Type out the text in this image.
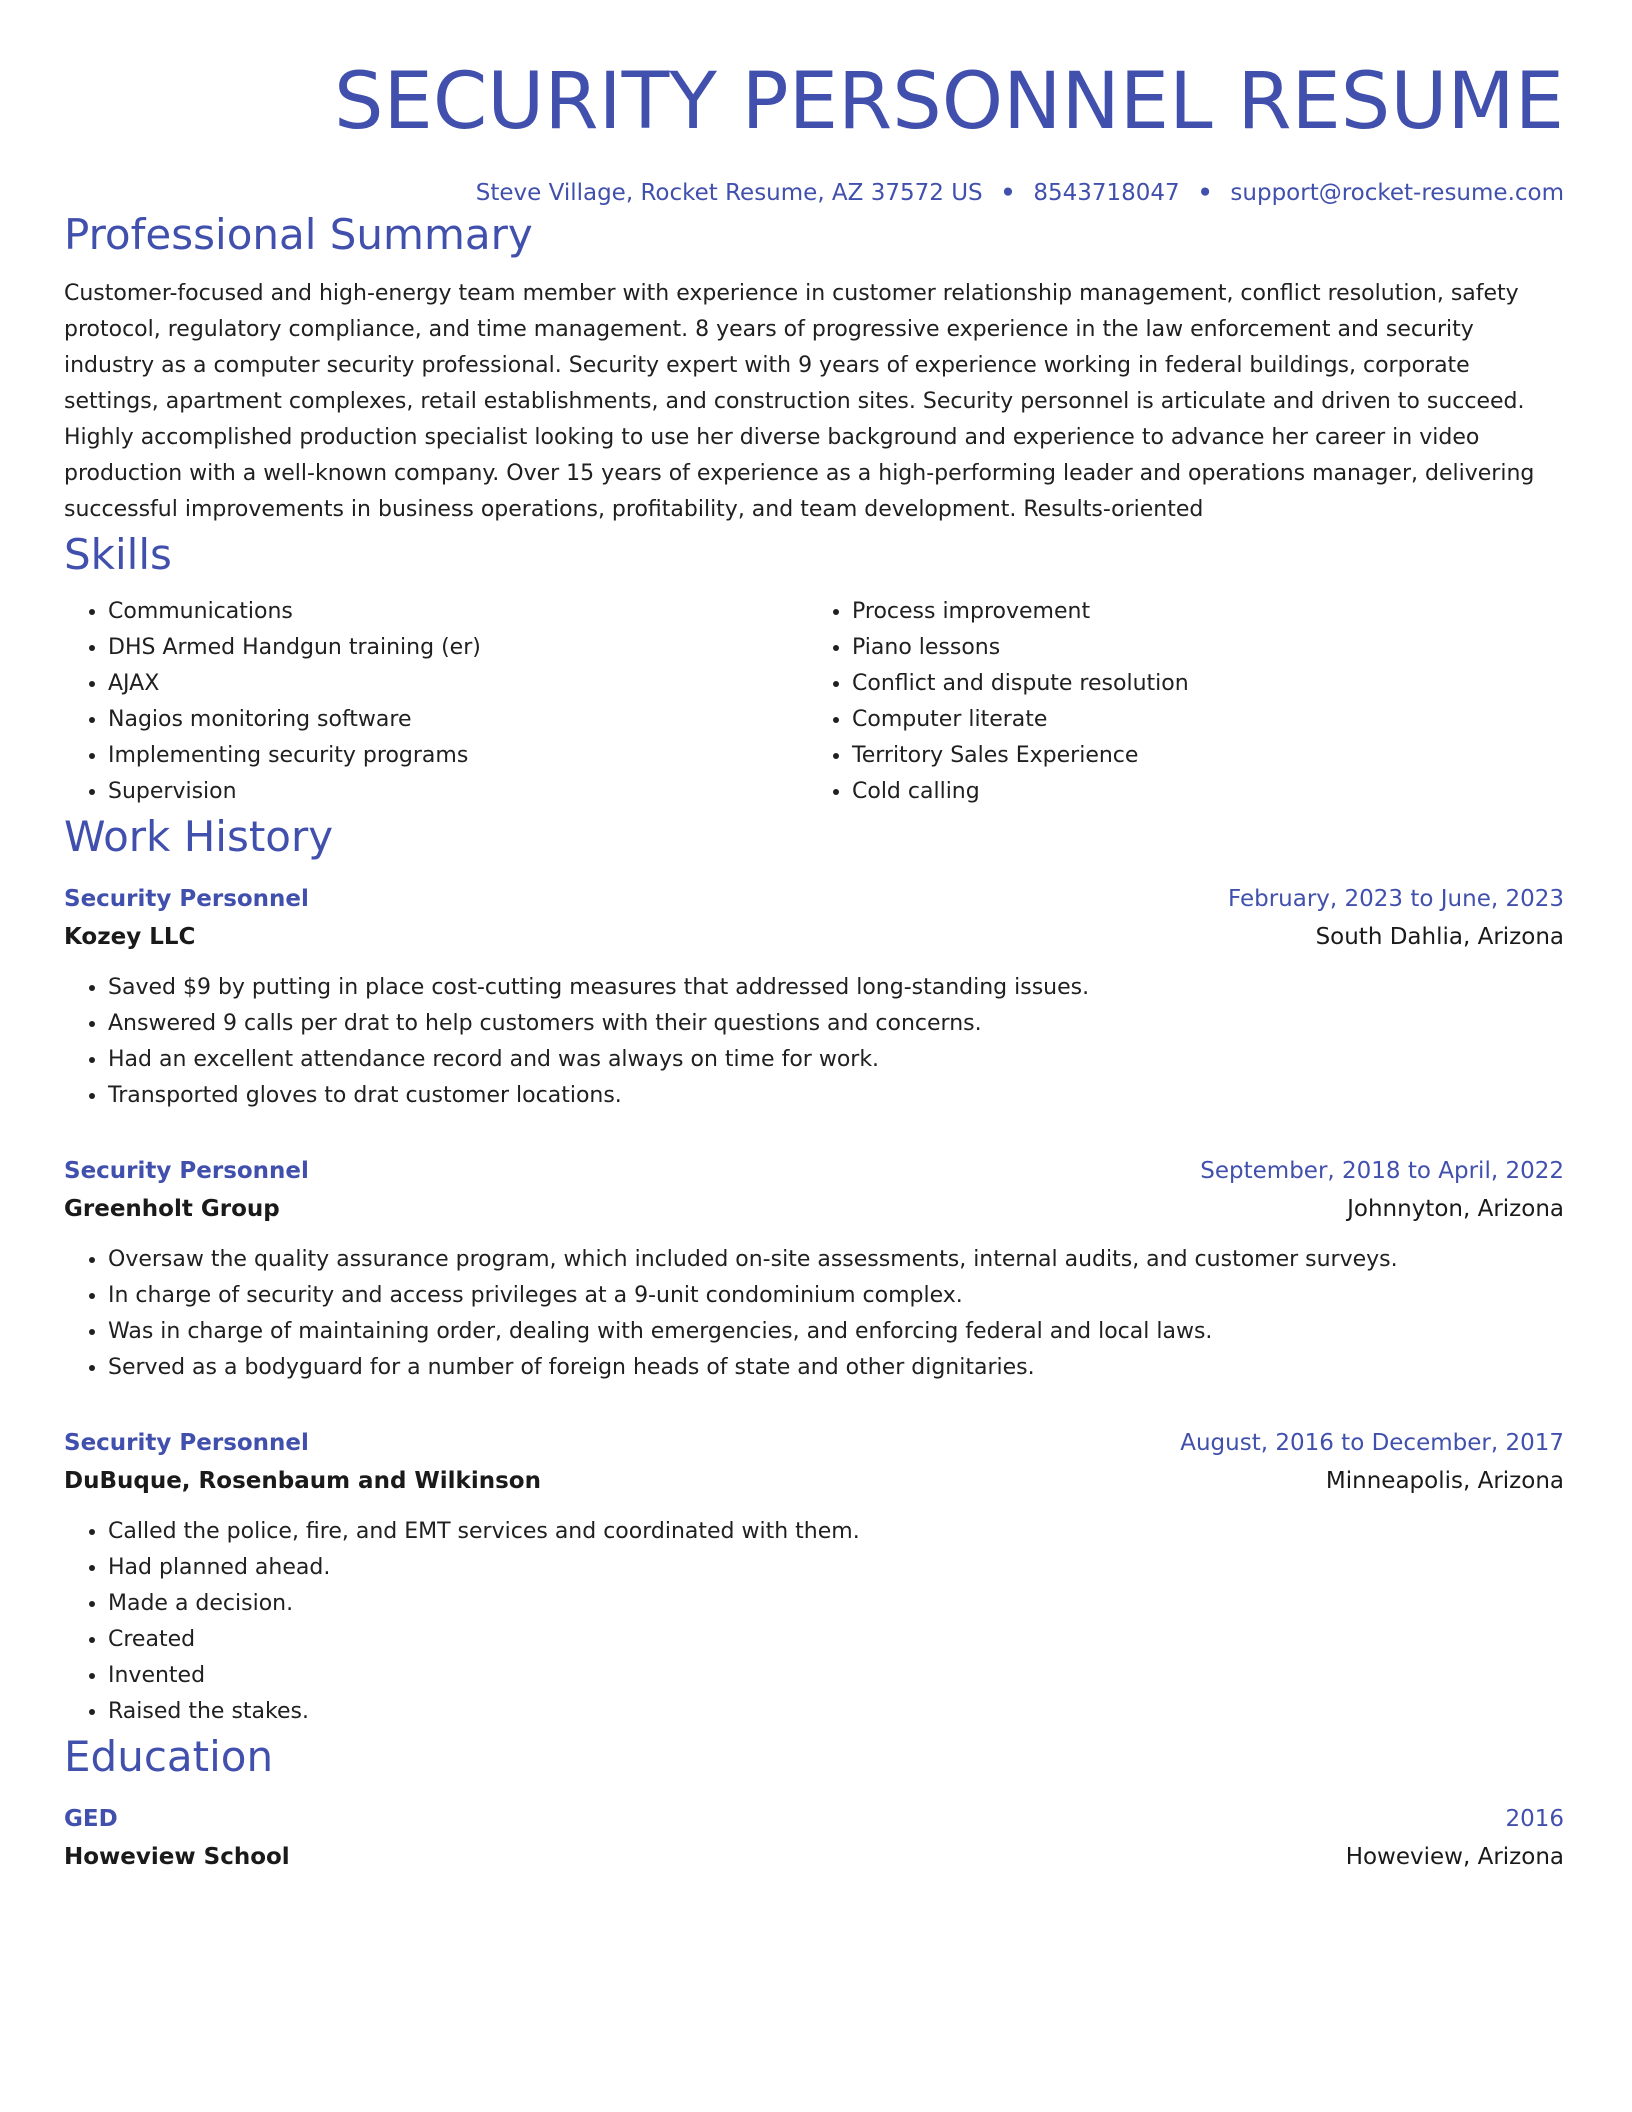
SECURITY PERSONNEL RESUME
Steve Village, Rocket Resume, AZ 37572 US • 8543718047 • support@rocket-resume.com
Professional Summary
Customer-focused and high-energy team member with experience in customer relationship management, conflict resolution, safety protocol, regulatory compliance, and time management. 8 years of progressive experience in the law enforcement and security industry as a computer security professional. Security expert with 9 years of experience working in federal buildings, corporate settings, apartment complexes, retail establishments, and construction sites. Security personnel is articulate and driven to succeed. Highly accomplished production specialist looking to use her diverse background and experience to advance her career in video production with a well-known company. Over 15 years of experience as a high-performing leader and operations manager, delivering successful improvements in business operations, profitability, and team development. Results-oriented
Skills
• Communications
• DHS Armed Handgun training (er)
• AJAX
• Nagios monitoring software
• Implementing security programs
• Supervision
• Process improvement
• Piano lessons
• Conflict and dispute resolution
• Computer literate
• Territory Sales Experience
• Cold calling
Work History
Security Personnel	February, 2023 to June, 2023
Kozey LLC	South Dahlia, Arizona
• Saved $9 by putting in place cost-cutting measures that addressed long-standing issues.
• Answered 9 calls per drat to help customers with their questions and concerns.
• Had an excellent attendance record and was always on time for work.
• Transported gloves to drat customer locations.
Security Personnel	September, 2018 to April, 2022
Greenholt Group	Johnnyton, Arizona
• Oversaw the quality assurance program, which included on-site assessments, internal audits, and customer surveys.
• In charge of security and access privileges at a 9-unit condominium complex.
• Was in charge of maintaining order, dealing with emergencies, and enforcing federal and local laws.
• Served as a bodyguard for a number of foreign heads of state and other dignitaries.
Security Personnel	August, 2016 to December, 2017
DuBuque, Rosenbaum and Wilkinson	Minneapolis, Arizona
• Called the police, fire, and EMT services and coordinated with them.
• Had planned ahead.
• Made a decision.
• Created
• Invented
• Raised the stakes.
Education
GED	2016
Howeview School	Howeview, Arizona
